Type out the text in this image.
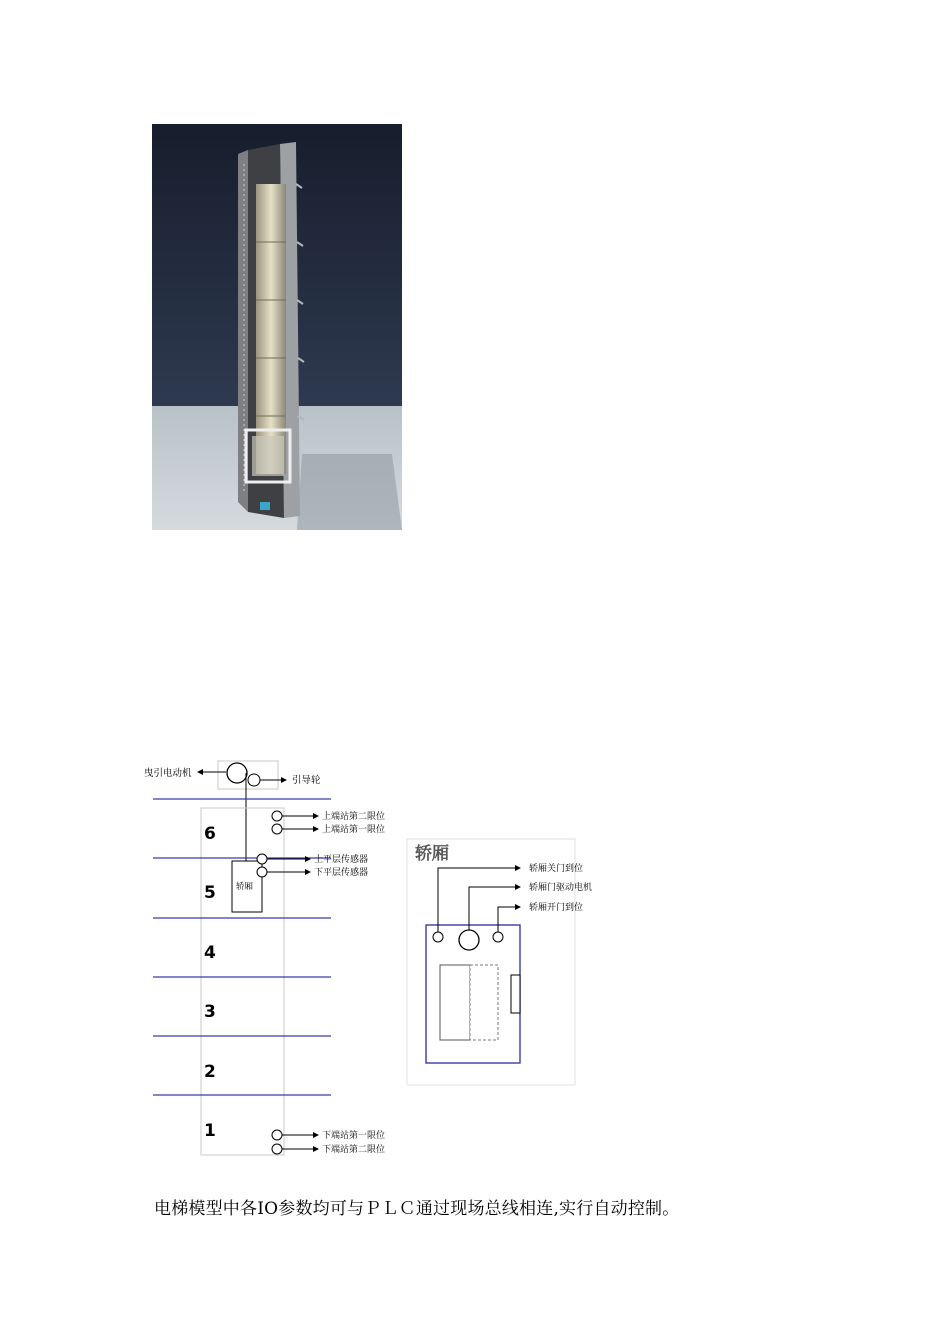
曳引电动机
引导轮
6
5
4
3
2
1
轿厢
上端站第二限位
上端站第一限位
上平层传感器
下平层传感器
下端站第一限位
下端站第二限位
轿厢
轿厢关门到位
轿厢门驱动电机
轿厢开门到位
电梯模型中各IO参数均可与ＰＬＣ通过现场总线相连,实行自动控制。
